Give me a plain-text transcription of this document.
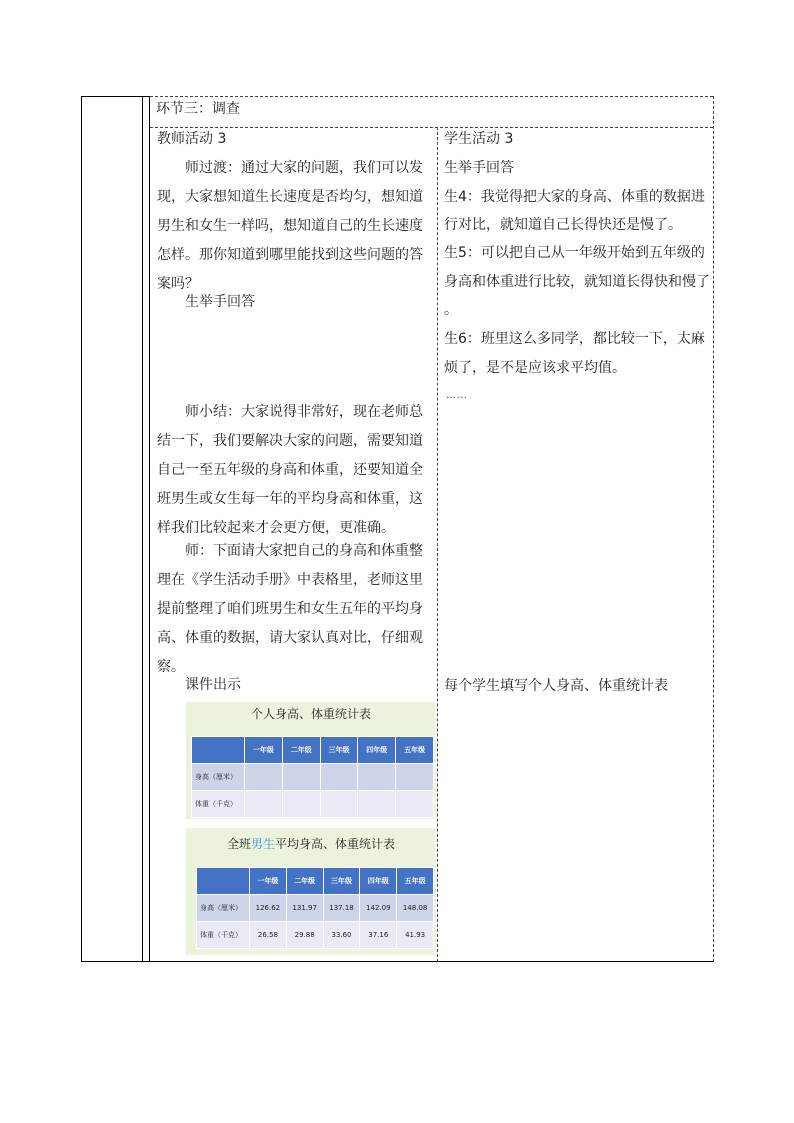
环节三：调查
教师活动 3
师过渡：通过大家的问题，我们可以发现，大家想知道生长速度是否均匀，想知道男生和女生一样吗，想知道自己的生长速度怎样。那你知道到哪里能找到这些问题的答案吗？
生举手回答
师小结：大家说得非常好，现在老师总结一下，我们要解决大家的问题，需要知道自己一至五年级的身高和体重，还要知道全班男生或女生每一年的平均身高和体重，这样我们比较起来才会更方便，更准确。
师：下面请大家把自己的身高和体重整理在《学生活动手册》中表格里，老师这里提前整理了咱们班男生和女生五年的平均身高、体重的数据，请大家认真对比，仔细观察。
课件出示
学生活动 3
生举手回答
生4：我觉得把大家的身高、体重的数据进
行对比，就知道自己长得快还是慢了。
生5：可以把自己从一年级开始到五年级的
身高和体重进行比较，就知道长得快和慢了
。
生6：班里这么多同学，都比较一下，太麻
烦了，是不是应该求平均值。
……
每个学生填写个人身高、体重统计表
个人身高、体重统计表
	一年级	二年级	三年级	四年级	五年级
身高（厘米）					
体重（千克）					
全班男生平均身高、体重统计表
	一年级	二年级	三年级	四年级	五年级
身高（厘米）	126.62	131.97	137.18	142.09	148.08
体重（千克）	26.58	29.88	33.60	37.16	41.93
